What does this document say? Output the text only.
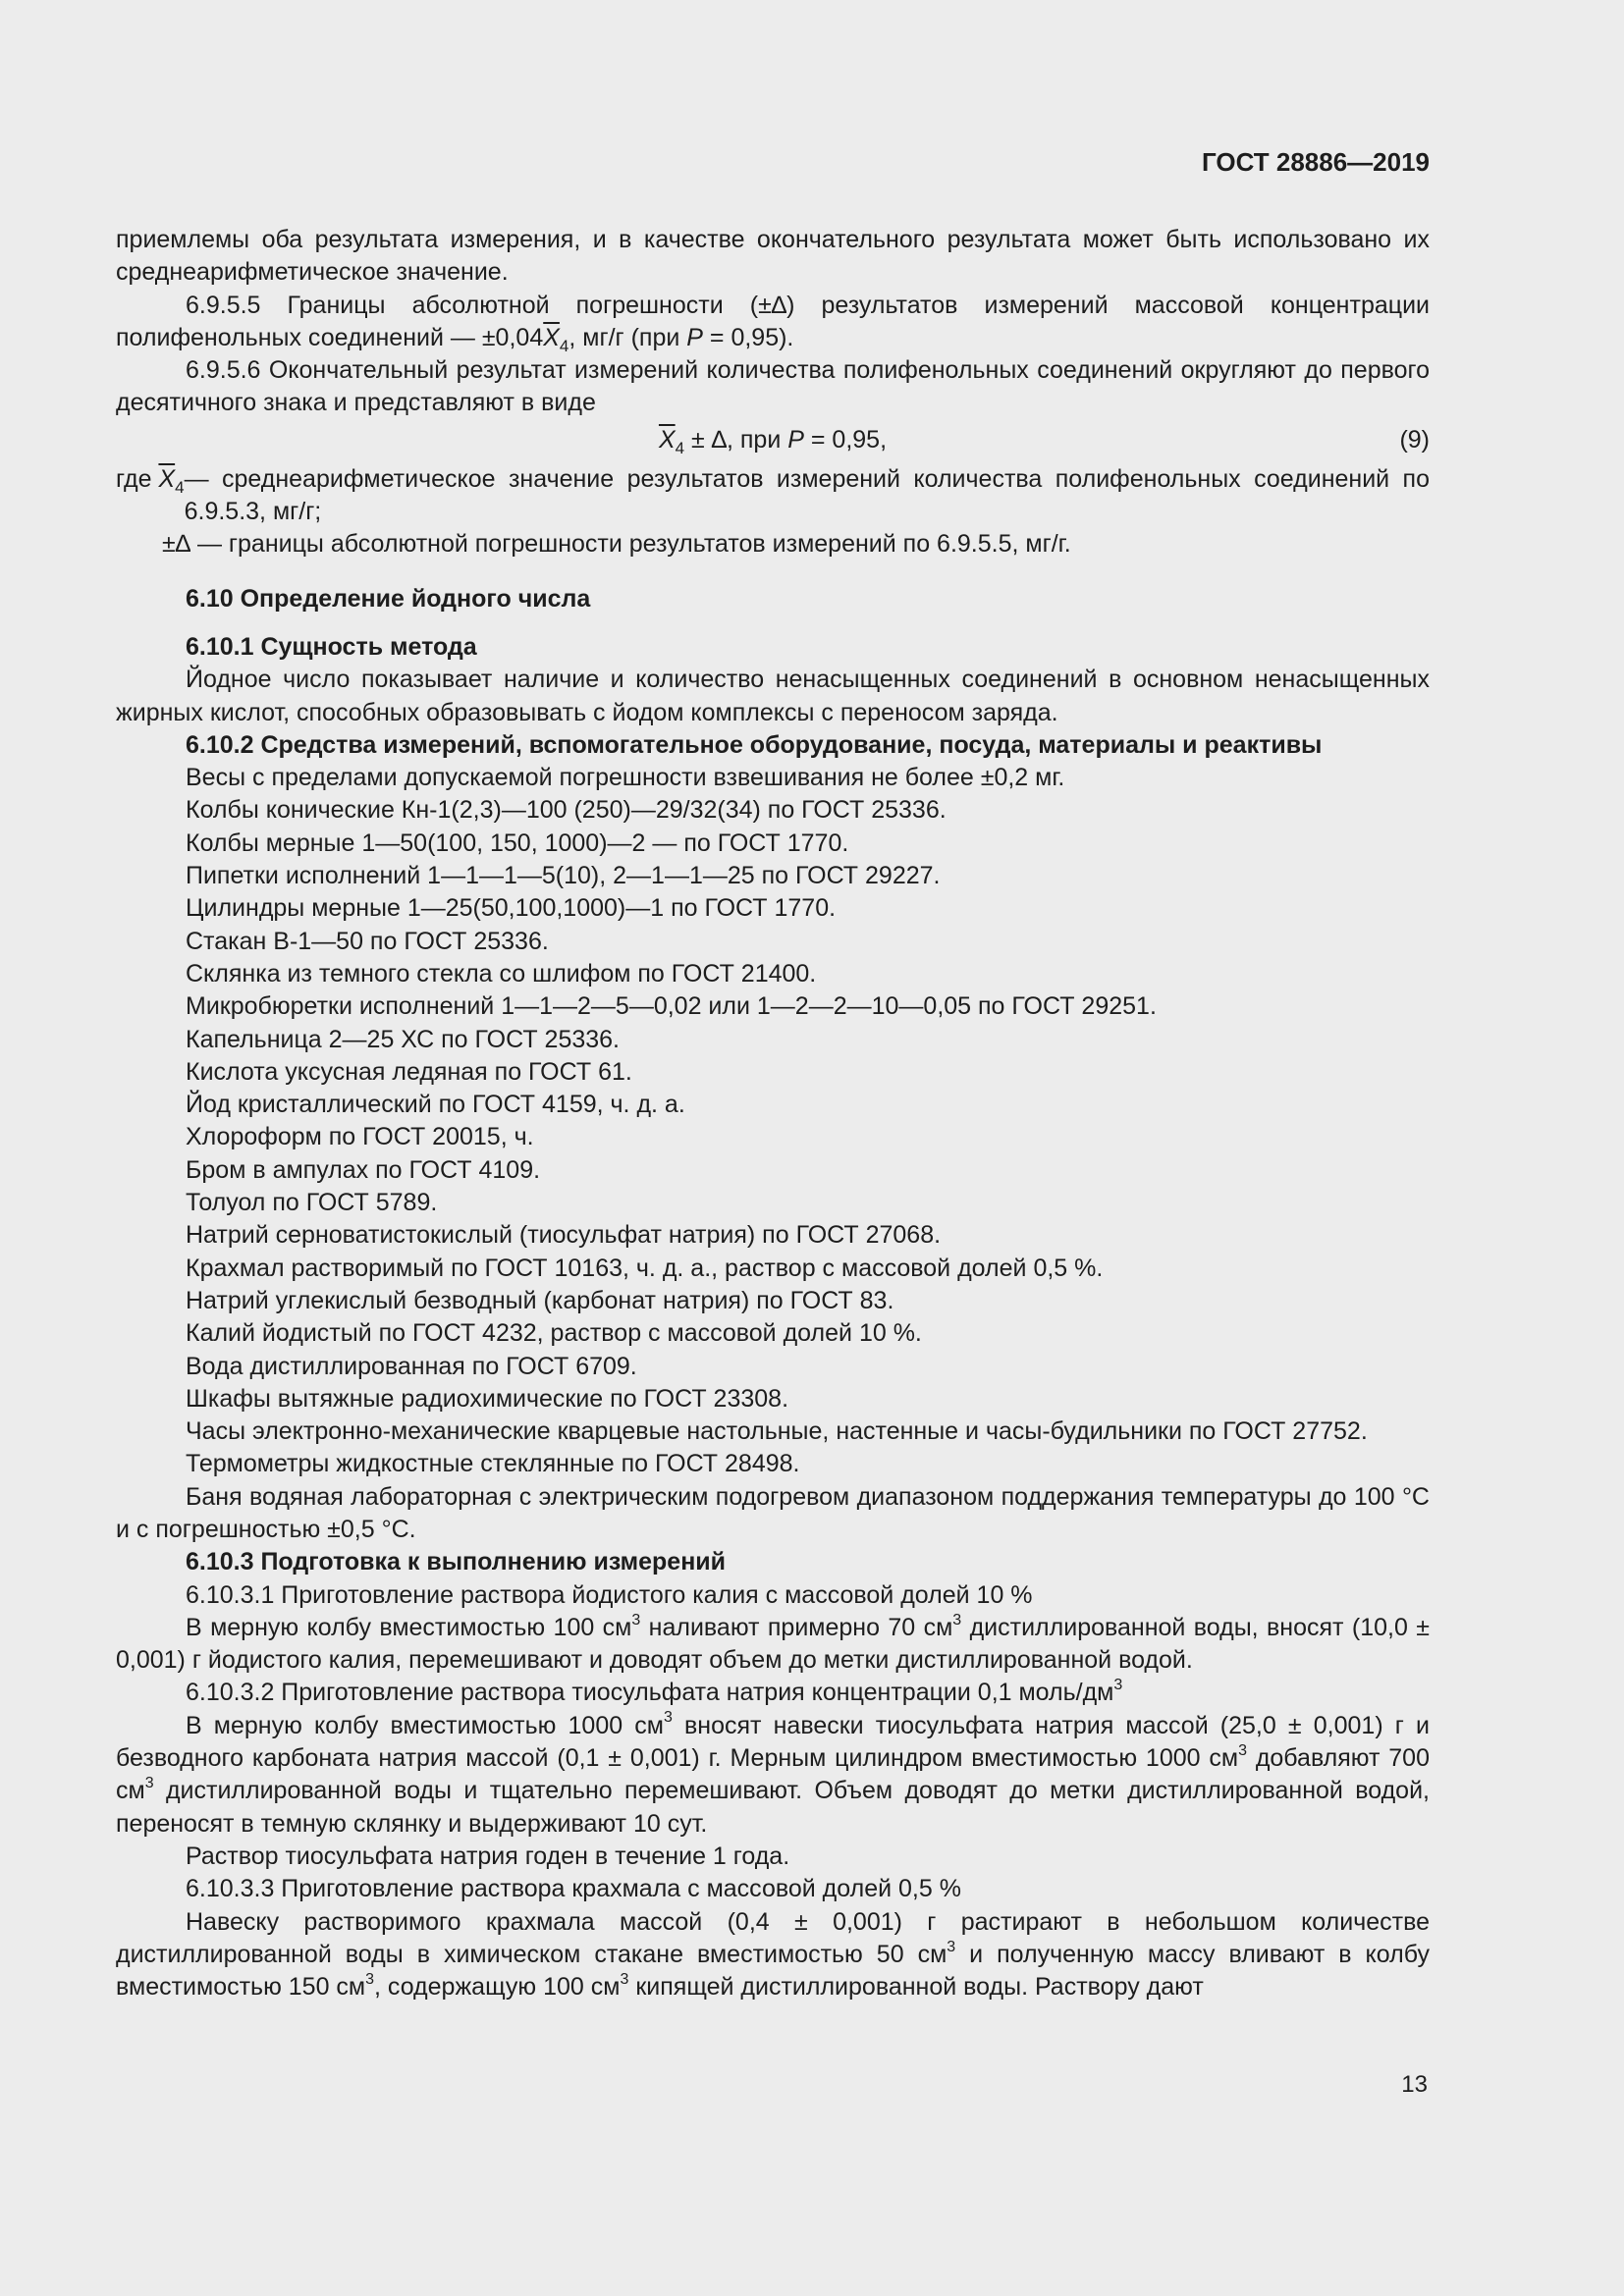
ГОСТ 28886—2019

приемлемы оба результата измерения, и в качестве окончательного результата может быть использовано их среднеарифметическое значение.

6.9.5.5 Границы абсолютной погрешности (±∆) результатов измерений массовой концентрации полифенольных соединений — $\pm 0,04\overline{X}_4$, мг/г (при P = 0,95).

6.9.5.6 Окончательный результат измерений количества полифенольных соединений округляют до первого десятичного знака и представляют в виде

$\overline{X}_4$ ± ∆, при P = 0,95,	(9)
где $\overline{X}_4$ — среднеарифметическое значение результатов измерений количества полифенольных соединений по 6.9.5.3, мг/г;

±∆ — границы абсолютной погрешности результатов измерений по 6.9.5.5, мг/г.

6.10 Определение йодного числа

6.10.1 Сущность метода

Йодное число показывает наличие и количество ненасыщенных соединений в основном ненасыщенных жирных кислот, способных образовывать с йодом комплексы с переносом заряда.

6.10.2 Средства измерений, вспомогательное оборудование, посуда, материалы и реактивы

Весы с пределами допускаемой погрешности взвешивания не более ±0,2 мг.

Колбы конические Кн-1(2,3)—100 (250)—29/32(34) по ГОСТ 25336.

Колбы мерные 1—50(100, 150, 1000)—2 — по ГОСТ 1770.

Пипетки исполнений 1—1—1—5(10), 2—1—1—25 по ГОСТ 29227.

Цилиндры мерные 1—25(50,100,1000)—1 по ГОСТ 1770.

Стакан В-1—50 по ГОСТ 25336.

Склянка из темного стекла со шлифом по ГОСТ 21400.

Микробюретки исполнений 1—1—2—5—0,02 или 1—2—2—10—0,05 по ГОСТ 29251.

Капельница 2—25 ХС по ГОСТ 25336.

Кислота уксусная ледяная по ГОСТ 61.

Йод кристаллический по ГОСТ 4159, ч. д. а.

Хлороформ по ГОСТ 20015, ч.

Бром в ампулах по ГОСТ 4109.

Толуол по ГОСТ 5789.

Натрий серноватистокислый (тиосульфат натрия) по ГОСТ 27068.

Крахмал растворимый по ГОСТ 10163, ч. д. а., раствор с массовой долей 0,5 %.

Натрий углекислый безводный (карбонат натрия) по ГОСТ 83.

Калий йодистый по ГОСТ 4232, раствор с массовой долей 10 %.

Вода дистиллированная по ГОСТ 6709.

Шкафы вытяжные радиохимические по ГОСТ 23308.

Часы электронно-механические кварцевые настольные, настенные и часы-будильники по ГОСТ 27752.

Термометры жидкостные стеклянные по ГОСТ 28498.

Баня водяная лабораторная с электрическим подогревом диапазоном поддержания температуры до 100 °С и с погрешностью ±0,5 °С.

6.10.3 Подготовка к выполнению измерений

6.10.3.1 Приготовление раствора йодистого калия с массовой долей 10 %

В мерную колбу вместимостью 100 $см^3$ наливают примерно 70 $см^3$ дистиллированной воды, вносят (10,0 ± 0,001) г йодистого калия, перемешивают и доводят объем до метки дистиллированной водой.

6.10.3.2 Приготовление раствора тиосульфата натрия концентрации 0,1 моль/$дм^3$

В мерную колбу вместимостью 1000 $см^3$ вносят навески тиосульфата натрия массой (25,0 ± 0,001) г и безводного карбоната натрия массой (0,1 ± 0,001) г. Мерным цилиндром вместимостью 1000 $см^3$ добавляют 700 $см^3$ дистиллированной воды и тщательно перемешивают. Объем доводят до метки дистиллированной водой, переносят в темную склянку и выдерживают 10 сут.

Раствор тиосульфата натрия годен в течение 1 года.

6.10.3.3 Приготовление раствора крахмала с массовой долей 0,5 %

Навеску растворимого крахмала массой (0,4 ± 0,001) г растирают в небольшом количестве дистиллированной воды в химическом стакане вместимостью 50 $см^3$ и полученную массу вливают в колбу вместимостью 150 $см^3$, содержащую 100 $см^3$ кипящей дистиллированной воды. Раствору дают

13
